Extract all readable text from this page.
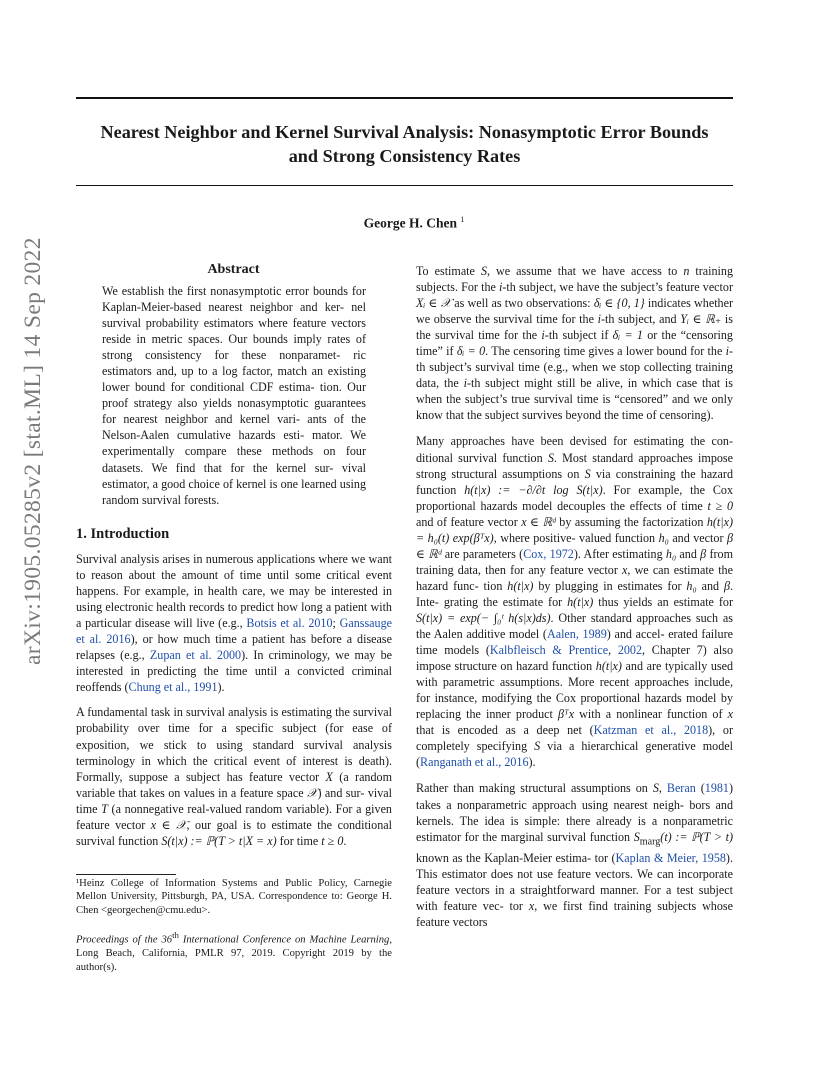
Nearest Neighbor and Kernel Survival Analysis: Nonasymptotic Error Bounds
and Strong Consistency Rates
George H. Chen $^1$
arXiv:1905.05285v2 [stat.ML] 14 Sep 2022	Abstract

We establish the first nonasymptotic error bounds for Kaplan-Meier-based nearest neighbor and ker- nel survival probability estimators where feature vectors reside in metric spaces. Our bounds imply rates of strong consistency for these nonparamet- ric estimators and, up to a log factor, match an existing lower bound for conditional CDF estima- tion. Our proof strategy also yields nonasymptotic guarantees for nearest neighbor and kernel vari- ants of the Nelson-Aalen cumulative hazards esti- mator. We experimentally compare these methods on four datasets. We find that for the kernel sur- vival estimator, a good choice of kernel is one learned using random survival forests.

1. Introduction

Survival analysis arises in numerous applications where we want to reason about the amount of time until some critical event happens. For example, in health care, we may be interested in using electronic health records to predict how long a patient with a particular disease will live (e.g., Botsis et al. 2010; Ganssauge et al. 2016), or how much time a patient has before a disease relapses (e.g., Zupan et al. 2000). In criminology, we may be interested in predicting the time until a convicted criminal reoffends (Chung et al., 1991).

A fundamental task in survival analysis is estimating the survival probability over time for a specific subject (for ease of exposition, we stick to using standard survival analysis terminology in which the critical event of interest is death). Formally, suppose a subject has feature vector X (a random variable that takes on values in a feature space 𝒳) and sur- vival time T (a nonnegative real-valued random variable). For a given feature vector x ∈ 𝒳, our goal is to estimate the conditional survival function S(t|x) := ℙ(T > t|X = x) for time t ≥ 0.

¹Heinz College of Information Systems and Public Policy, Carnegie Mellon University, Pittsburgh, PA, USA. Correspondence to: George H. Chen <georgechen@cmu.edu>.

Proceedings of the 36th International Conference on Machine Learning, Long Beach, California, PMLR 97, 2019. Copyright 2019 by the author(s).

To estimate S, we assume that we have access to n training subjects. For the i-th subject, we have the subject’s feature vector Xᵢ ∈ 𝒳 as well as two observations: δᵢ ∈ {0, 1} indicates whether we observe the survival time for the i-th subject, and Yᵢ ∈ ℝ₊ is the survival time for the i-th subject if δᵢ = 1 or the “censoring time” if δᵢ = 0. The censoring time gives a lower bound for the i-th subject’s survival time (e.g., when we stop collecting training data, the i-th subject might still be alive, in which case that is when the subject’s true survival time is “censored” and we only know that the subject survives beyond the time of censoring).

Many approaches have been devised for estimating the con- ditional survival function S. Most standard approaches impose strong structural assumptions on S via constraining the hazard function h(t|x) := −∂/∂t log S(t|x). For example, the Cox proportional hazards model decouples the effects of time t ≥ 0 and of feature vector x ∈ ℝᵈ by assuming the factorization h(t|x) = h₀(t) exp(βᵀx), where positive- valued function h₀ and vector β ∈ ℝᵈ are parameters (Cox, 1972). After estimating h₀ and β from training data, then for any feature vector x, we can estimate the hazard func- tion h(t|x) by plugging in estimates for h₀ and β. Inte- grating the estimate for h(t|x) thus yields an estimate for S(t|x) = exp(− ∫₀ᵗ h(s|x)ds). Other standard approaches such as the Aalen additive model (Aalen, 1989) and accel- erated failure time models (Kalbfleisch & Prentice, 2002, Chapter 7) also impose structure on hazard function h(t|x) and are typically used with parametric assumptions. More recent approaches include, for instance, modifying the Cox proportional hazards model by replacing the inner product βᵀx with a nonlinear function of x that is encoded as a deep net (Katzman et al., 2018), or completely specifying S via a hierarchical generative model (Ranganath et al., 2016).

Rather than making structural assumptions on S, Beran (1981) takes a nonparametric approach using nearest neigh- bors and kernels. The idea is simple: there already is a nonparametric estimator for the marginal survival function $S_{marg}(t)$ := ℙ(T > t) known as the Kaplan-Meier estima- tor (Kaplan & Meier, 1958). This estimator does not use feature vectors. We can incorporate feature vectors in a straightforward manner. For a test subject with feature vec- tor x, we first find training subjects whose feature vectors
